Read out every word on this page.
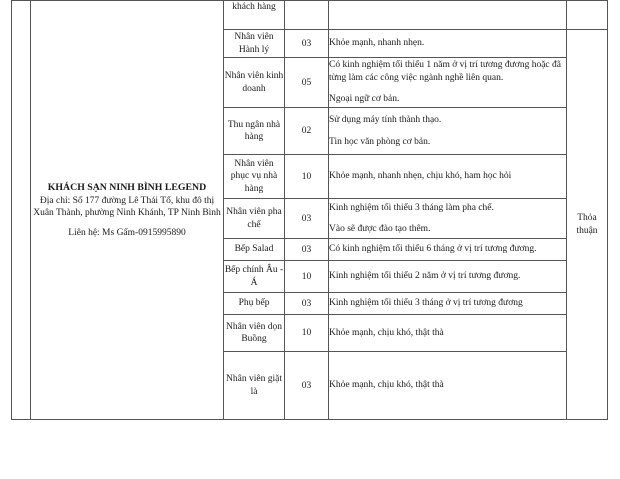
	KHÁCH SẠN NINH BÌNH LEGEND
Địa chỉ: Số 177 đường Lê Thái Tổ, khu đô thị Xuân Thành, phường Ninh Khánh, TP Ninh Bình
Liên hệ: Ms Gấm-0915995890	khách hàng			
		Nhân viên Hành lý	03	Khỏe mạnh, nhanh nhẹn.	Thỏa thuận
		Nhân viên kinh doanh	05	Có kinh nghiệm tối thiểu 1 năm ở vị trí tương đương hoặc đã từng làm các công việc ngành nghề liên quan.

Ngoại ngữ cơ bản.	

		Thu ngân nhà hàng	02	Sử dụng máy tính thành thạo.

Tin học văn phòng cơ bản.	

		Nhân viên phục vụ nhà hàng	10	Khỏe mạnh, nhanh nhẹn, chịu khó, ham học hỏi	

		Nhân viên pha chế	03	Kinh nghiệm tối thiểu 3 tháng làm pha chế.

Vào sẽ được đào tạo thêm.	

		Bếp Salad	03	Có kinh nghiệm tối thiểu 6 tháng ở vị trí tương đương.	

		Bếp chính Âu - Á	10	Kinh nghiệm tối thiểu 2 năm ở vị trí tương đương.	

		Phụ bếp	03	Kinh nghiệm tối thiểu 3 tháng ở vị trí tương đương	

		Nhân viên dọn Buồng	10	Khỏe mạnh, chịu khó, thật thà	

		Nhân viên giặt là	03	Khỏe mạnh, chịu khó, thật thà	
